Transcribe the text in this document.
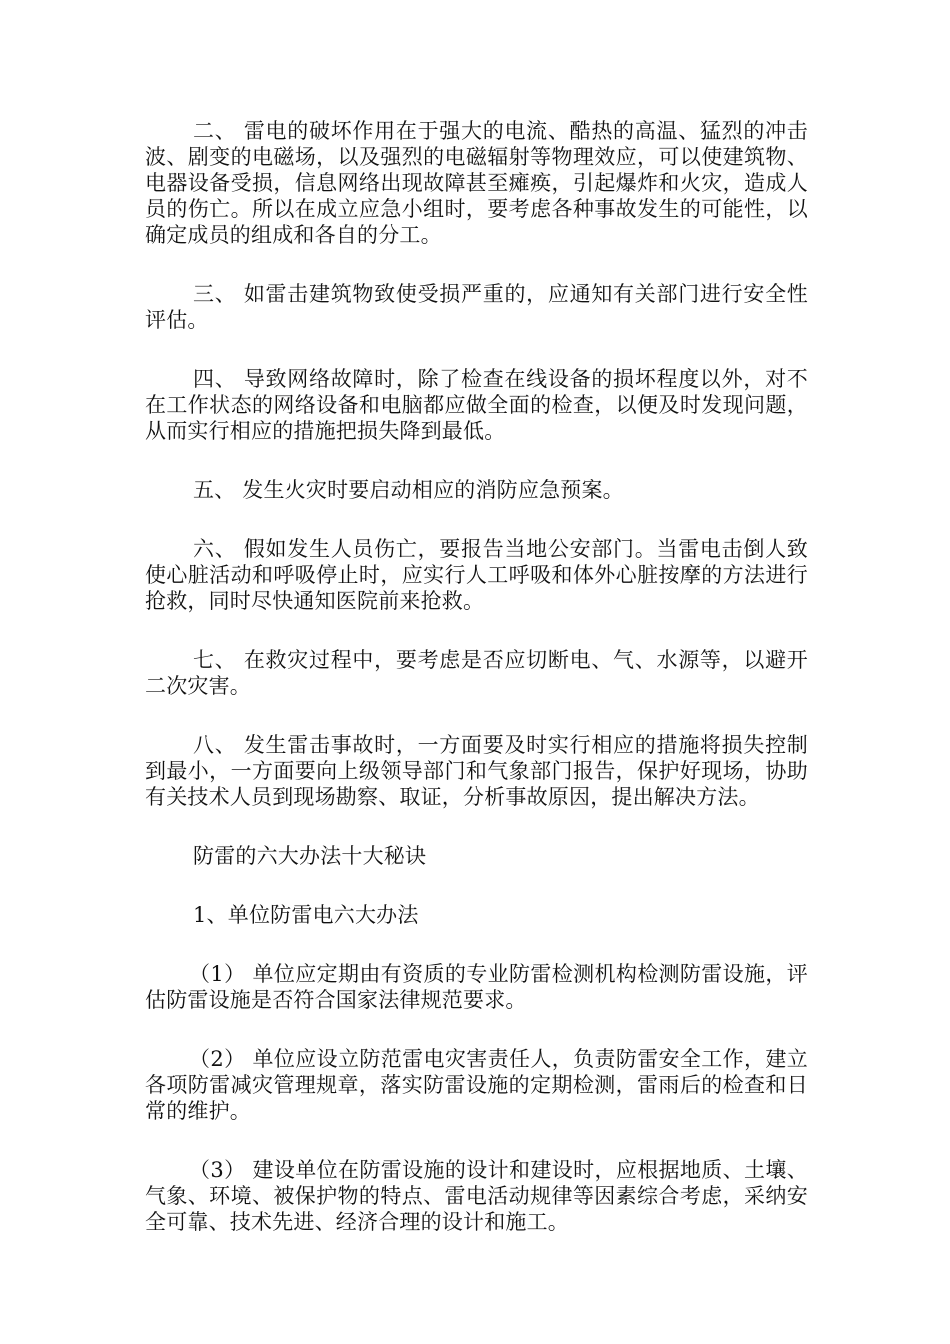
二、 雷电的破坏作用在于强大的电流、酷热的高温、猛烈的冲击波、剧变的电磁场，以及强烈的电磁辐射等物理效应，可以使建筑物、电器设备受损，信息网络出现故障甚至瘫痪，引起爆炸和火灾，造成人员的伤亡。所以在成立应急小组时，要考虑各种事故发生的可能性，以确定成员的组成和各自的分工。

三、 如雷击建筑物致使受损严重的，应通知有关部门进行安全性评估。

四、 导致网络故障时，除了检查在线设备的损坏程度以外，对不在工作状态的网络设备和电脑都应做全面的检查，以便及时发现问题，从而实行相应的措施把损失降到最低。

五、 发生火灾时要启动相应的消防应急预案。

六、 假如发生人员伤亡，要报告当地公安部门。当雷电击倒人致使心脏活动和呼吸停止时，应实行人工呼吸和体外心脏按摩的方法进行抢救，同时尽快通知医院前来抢救。

七、 在救灾过程中，要考虑是否应切断电、气、水源等，以避开二次灾害。

八、 发生雷击事故时，一方面要及时实行相应的措施将损失控制到最小，一方面要向上级领导部门和气象部门报告，保护好现场，协助有关技术人员到现场勘察、取证，分析事故原因，提出解决方法。

防雷的六大办法十大秘诀

1、单位防雷电六大办法

（1） 单位应定期由有资质的专业防雷检测机构检测防雷设施，评估防雷设施是否符合国家法律规范要求。

（2） 单位应设立防范雷电灾害责任人，负责防雷安全工作，建立各项防雷减灾管理规章，落实防雷设施的定期检测，雷雨后的检查和日常的维护。

（3） 建设单位在防雷设施的设计和建设时，应根据地质、土壤、气象、环境、被保护物的特点、雷电活动规律等因素综合考虑，采纳安全可靠、技术先进、经济合理的设计和施工。
